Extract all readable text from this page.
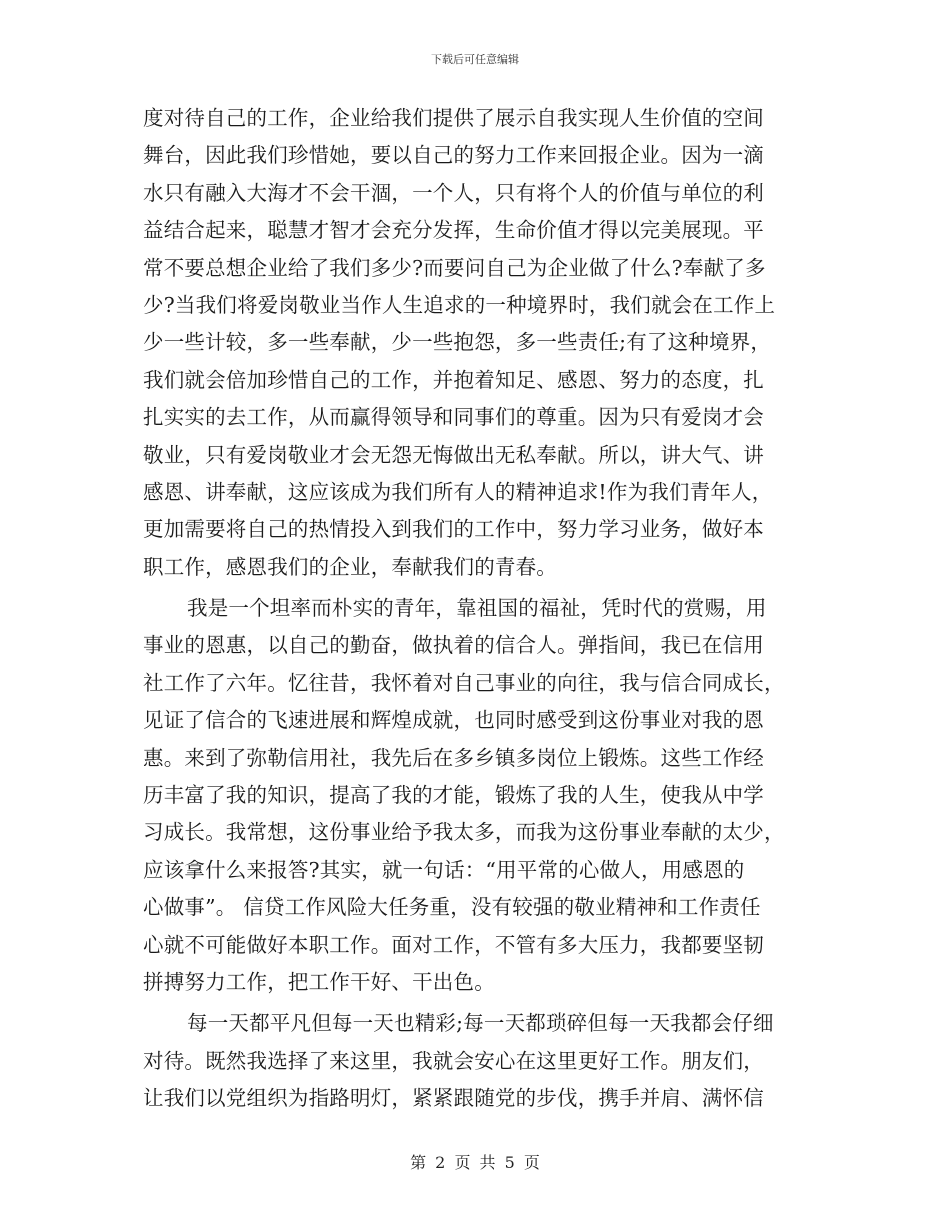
下载后可任意编辑
度对待自己的工作，企业给我们提供了展示自我实现人生价值的空间
舞台，因此我们珍惜她，要以自己的努力工作来回报企业。因为一滴
水只有融入大海才不会干涸，一个人，只有将个人的价值与单位的利
益结合起来，聪慧才智才会充分发挥，生命价值才得以完美展现。平
常不要总想企业给了我们多少?而要问自己为企业做了什么?奉献了多
少?当我们将爱岗敬业当作人生追求的一种境界时，我们就会在工作上
少一些计较，多一些奉献，少一些抱怨，多一些责任;有了这种境界，
我们就会倍加珍惜自己的工作，并抱着知足、感恩、努力的态度，扎
扎实实的去工作，从而赢得领导和同事们的尊重。因为只有爱岗才会
敬业，只有爱岗敬业才会无怨无悔做出无私奉献。所以，讲大气、讲
感恩、讲奉献，这应该成为我们所有人的精神追求!作为我们青年人，
更加需要将自己的热情投入到我们的工作中，努力学习业务，做好本
职工作，感恩我们的企业，奉献我们的青春。
我是一个坦率而朴实的青年，靠祖国的福祉，凭时代的赏赐，用
事业的恩惠，以自己的勤奋，做执着的信合人。弹指间，我已在信用
社工作了六年。忆往昔，我怀着对自己事业的向往，我与信合同成长，
见证了信合的飞速进展和辉煌成就，也同时感受到这份事业对我的恩
惠。来到了弥勒信用社，我先后在多乡镇多岗位上锻炼。这些工作经
历丰富了我的知识，提高了我的才能，锻炼了我的人生，使我从中学
习成长。我常想，这份事业给予我太多，而我为这份事业奉献的太少，
应该拿什么来报答?其实，就一句话：“用平常的心做人，用感恩的
心做事”。 信贷工作风险大任务重，没有较强的敬业精神和工作责任
心就不可能做好本职工作。面对工作，不管有多大压力，我都要坚韧
拼搏努力工作，把工作干好、干出色。
每一天都平凡但每一天也精彩;每一天都琐碎但每一天我都会仔细
对待。既然我选择了来这里，我就会安心在这里更好工作。朋友们，
让我们以党组织为指路明灯，紧紧跟随党的步伐，携手并肩、满怀信
第 2 页 共 5 页
